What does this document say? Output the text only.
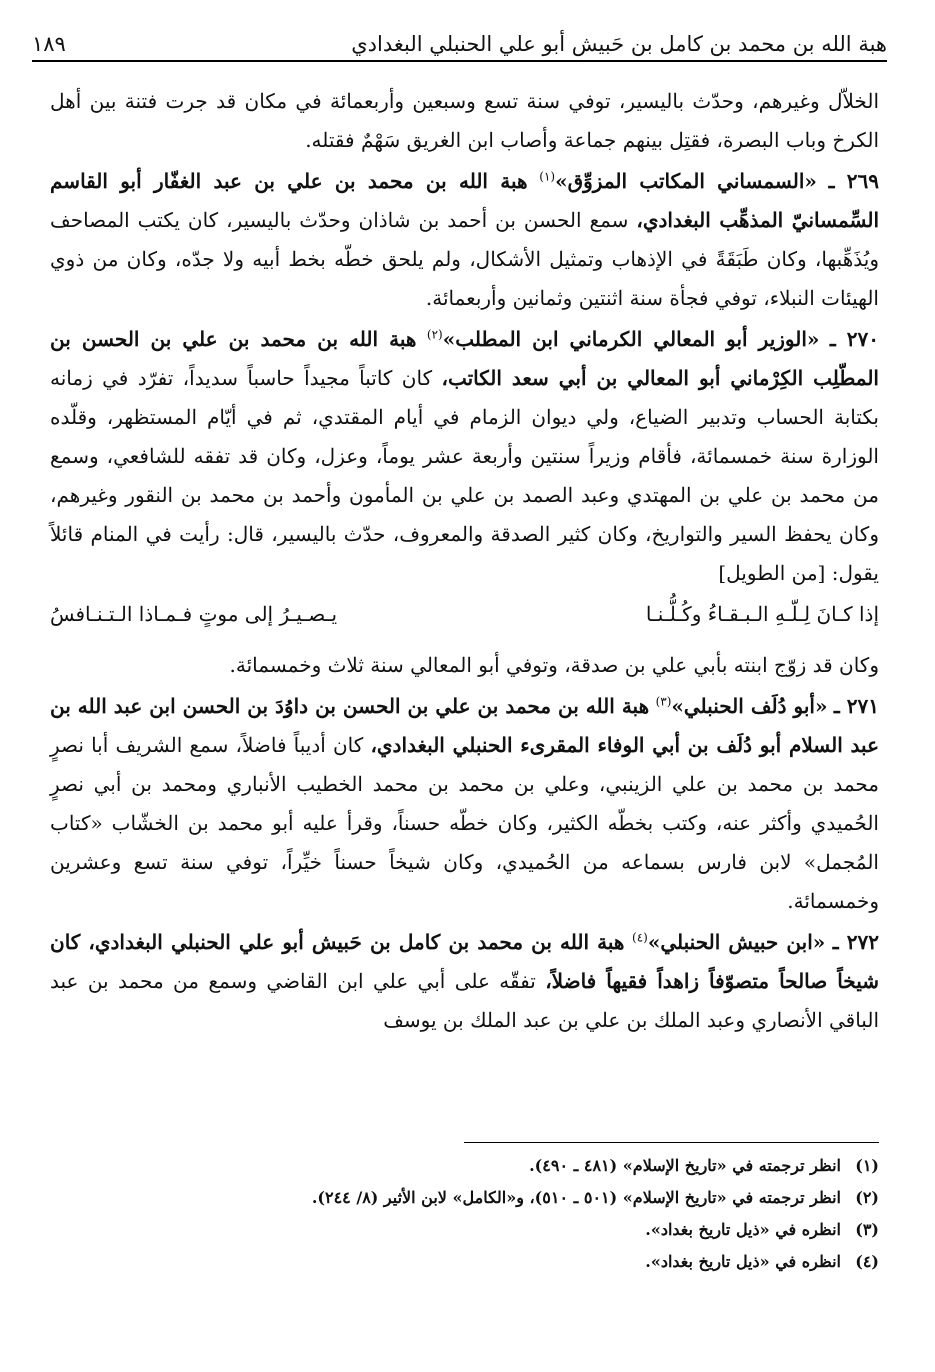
هبة الله بن محمد بن كامل بن حَبيش أبو علي الحنبلي البغدادي
١٨٩

الخلاّل وغيرهم، وحدّث باليسير، توفي سنة تسع وسبعين وأربعمائة في مكان قد جرت فتنة بين أهل الكرخ وباب البصرة، فقتِل بينهم جماعة وأصاب ابن الغريق سَهْمٌ فقتله.

٢٦٩ ـ «السمساني المكاتب المزوِّق»$^{(١)}$ هبة الله بن محمد بن علي بن عبد الغفّار أبو القاسم السِّمسانيّ المذهِّب البغدادي، سمع الحسن بن أحمد بن شاذان وحدّث باليسير، كان يكتب المصاحف ويُذَهِّبها، وكان طَبَقَةً في الإذهاب وتمثيل الأشكال، ولم يلحق خطّه بخط أبيه ولا جدّه، وكان من ذوي الهيئات النبلاء، توفي فجأة سنة اثنتين وثمانين وأربعمائة.

٢٧٠ ـ «الوزير أبو المعالي الكرماني ابن المطلب»$^{(٢)}$ هبة الله بن محمد بن علي بن الحسن بن المطّلِب الكِرْماني أبو المعالي بن أبي سعد الكاتب، كان كاتباً مجيداً حاسباً سديداً، تفرّد في زمانه بكتابة الحساب وتدبير الضياع، ولي ديوان الزمام في أيام المقتدي، ثم في أيّام المستظهر، وقلّده الوزارة سنة خمسمائة، فأقام وزيراً سنتين وأربعة عشر يوماً، وعزل، وكان قد تفقه للشافعي، وسمع من محمد بن علي بن المهتدي وعبد الصمد بن علي بن المأمون وأحمد بن محمد بن النقور وغيرهم، وكان يحفظ السير والتواريخ، وكان كثير الصدقة والمعروف، حدّث باليسير، قال: رأيت في المنام قائلاً يقول: [من الطويل]

إذا كـانَ لِـلّـهِ الـبـقـاءُ وكُـلُّـنـا
يـصـيـرُ إلى موتٍ فـمـاذا الـتـنـافسُ

وكان قد زوّج ابنته بأبي علي بن صدقة، وتوفي أبو المعالي سنة ثلاث وخمسمائة.

٢٧١ ـ «أبو دُلَف الحنبلي»$^{(٣)}$ هبة الله بن محمد بن علي بن الحسن بن داوُدَ بن الحسن ابن عبد الله بن عبد السلام أبو دُلَف بن أبي الوفاء المقرىء الحنبلي البغدادي، كان أديباً فاضلاً، سمع الشريف أبا نصرٍ محمد بن محمد بن علي الزينبي، وعلي بن محمد بن محمد الخطيب الأنباري ومحمد بن أبي نصرٍ الحُميدي وأكثر عنه، وكتب بخطّه الكثير، وكان خطّه حسناً، وقرأ عليه أبو محمد بن الخشّاب «كتاب المُجمل» لابن فارس بسماعه من الحُميدي، وكان شيخاً حسناً خيِّراً، توفي سنة تسع وعشرين وخمسمائة.

٢٧٢ ـ «ابن حبيش الحنبلي»$^{(٤)}$ هبة الله بن محمد بن كامل بن حَبيش أبو علي الحنبلي البغدادي، كان شيخاً صالحاً متصوّفاً زاهداً فقيهاً فاضلاً، تفقّه على أبي علي ابن القاضي وسمع من محمد بن عبد الباقي الأنصاري وعبد الملك بن علي بن عبد الملك بن يوسف

(١)انظر ترجمته في «تاريخ الإسلام» (٤٨١ ـ ٤٩٠).
(٢)انظر ترجمته في «تاريخ الإسلام» (٥٠١ ـ ٥١٠)، و«الكامل» لابن الأثير (٨/ ٢٤٤).
(٣)انظره في «ذيل تاريخ بغداد».
(٤)انظره في «ذيل تاريخ بغداد».
